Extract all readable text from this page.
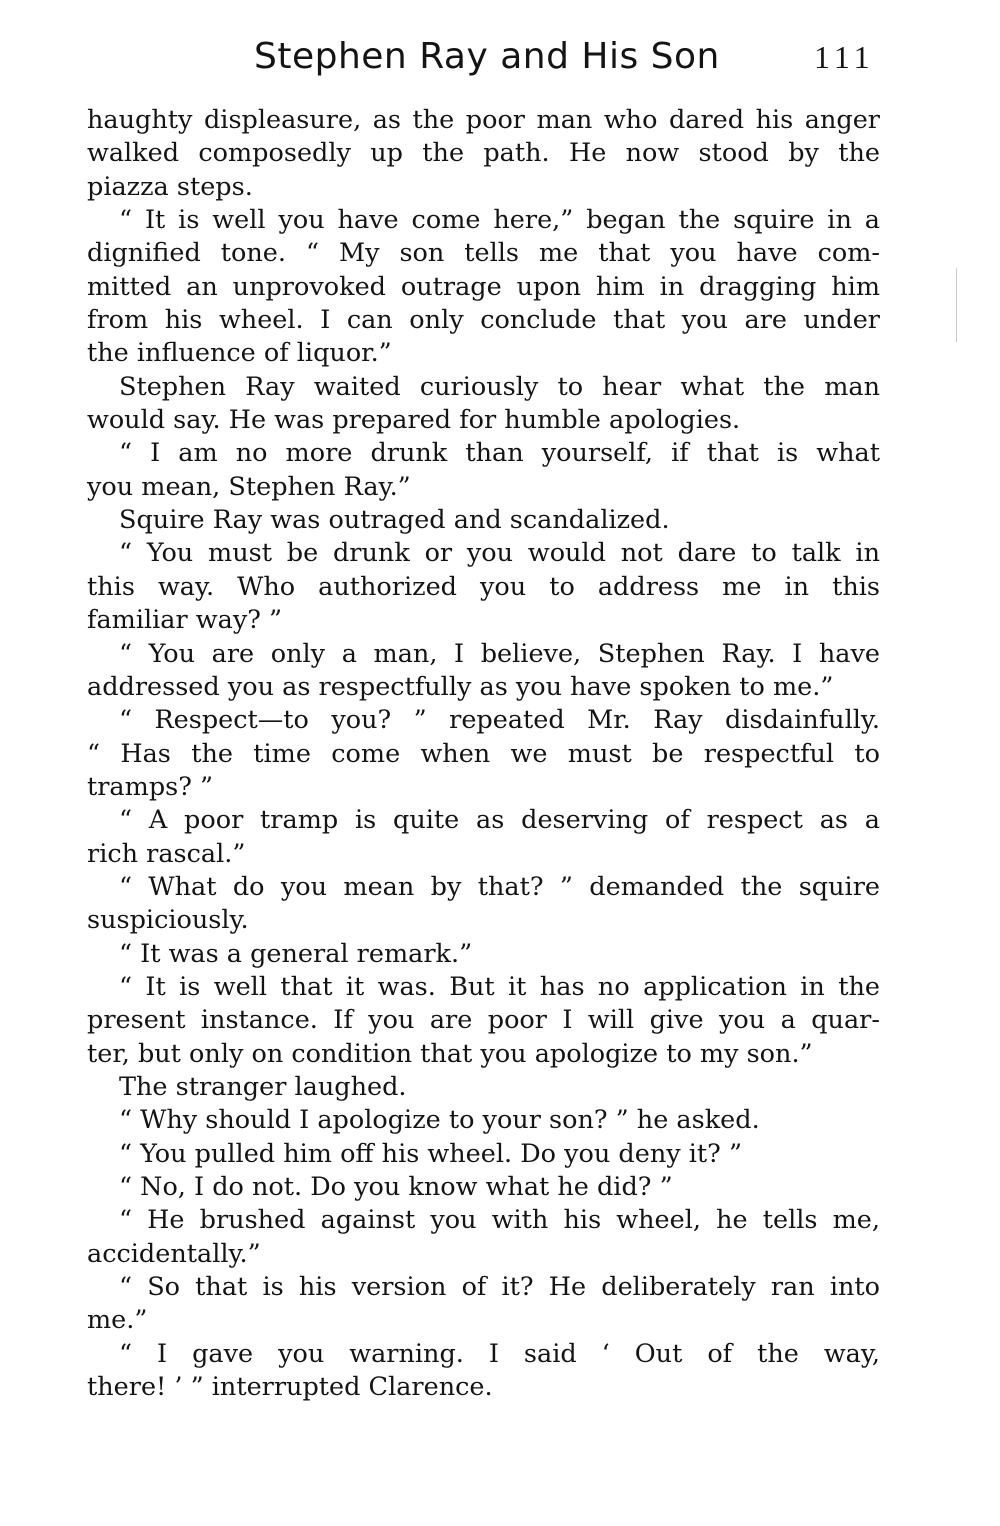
Stephen Ray and His Son	111
haughty displeasure, as the poor man who dared his anger
walked composedly up the path. He now stood by the
piazza steps.
“ It is well you have come here,” began the squire in a
dignified tone. “ My son tells me that you have com-
mitted an unprovoked outrage upon him in dragging him
from his wheel. I can only conclude that you are under
the influence of liquor.”
Stephen Ray waited curiously to hear what the man
would say. He was prepared for humble apologies.
“ I am no more drunk than yourself, if that is what
you mean, Stephen Ray.”
Squire Ray was outraged and scandalized.
“ You must be drunk or you would not dare to talk in
this way. Who authorized you to address me in this
familiar way? ”
“ You are only a man, I believe, Stephen Ray. I have
addressed you as respectfully as you have spoken to me.”
“ Respect—to you? ” repeated Mr. Ray disdainfully.
“ Has the time come when we must be respectful to
tramps? ”
“ A poor tramp is quite as deserving of respect as a
rich rascal.”
“ What do you mean by that? ” demanded the squire
suspiciously.
“ It was a general remark.”
“ It is well that it was. But it has no application in the
present instance. If you are poor I will give you a quar-
ter, but only on condition that you apologize to my son.”
The stranger laughed.
“ Why should I apologize to your son? ” he asked.
“ You pulled him off his wheel. Do you deny it? ”
“ No, I do not. Do you know what he did? ”
“ He brushed against you with his wheel, he tells me,
accidentally.”
“ So that is his version of it? He deliberately ran into
me.”
“ I gave you warning. I said ‘ Out of the way,
there! ’ ” interrupted Clarence.
